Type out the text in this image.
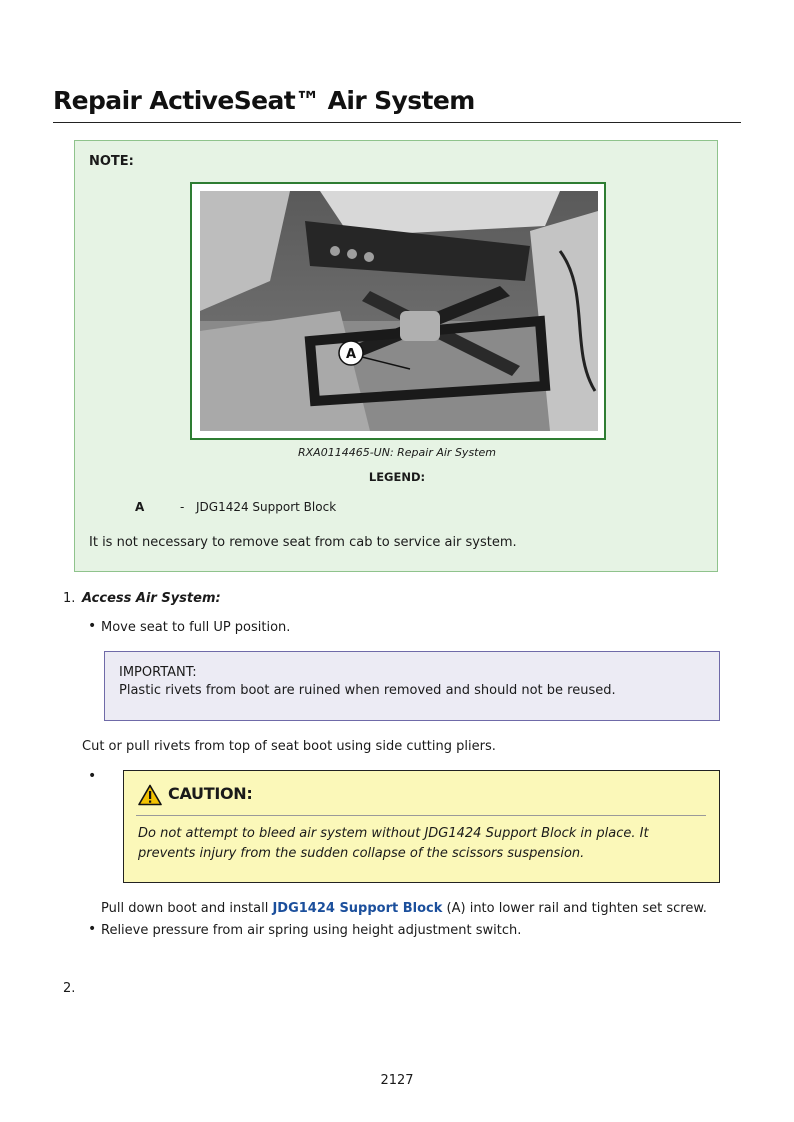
Repair ActiveSeat™ Air System
NOTE:
A
RXA0114465-UN: Repair Air System
LEGEND:
A	- JDG1424 Support Block
It is not necessary to remove seat from cab to service air system.
1. Access Air System:
• Move seat to full UP position.
IMPORTANT:
Plastic rivets from boot are ruined when removed and should not be reused.
Cut or pull rivets from top of seat boot using side cutting pliers.
•
CAUTION:
Do not attempt to bleed air system without JDG1424 Support Block in place. It prevents injury from the sudden collapse of the scissors suspension.
Pull down boot and install JDG1424 Support Block (A) into lower rail and tighten set screw.
• Relieve pressure from air spring using height adjustment switch.
2.
2127
